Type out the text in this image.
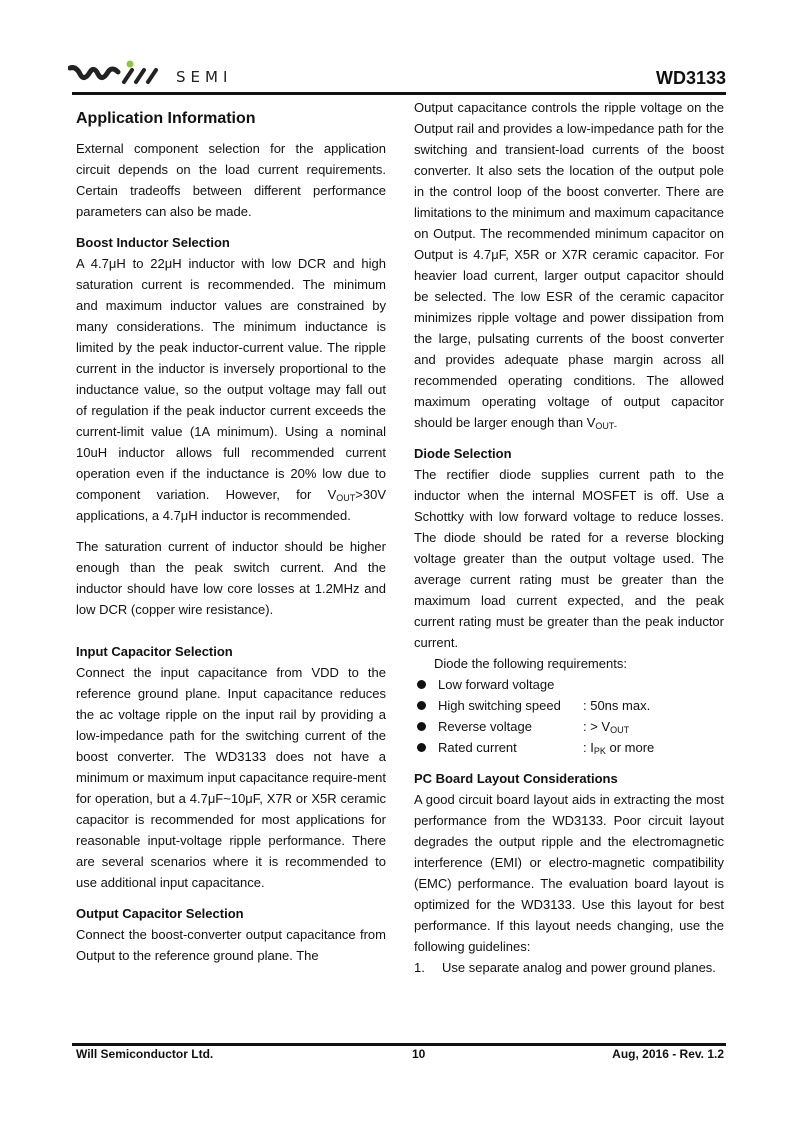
SEMI	WD3133
Application Information

External component selection for the application circuit depends on the load current requirements. Certain tradeoffs between different performance parameters can also be made.

Boost Inductor Selection

A 4.7μH to 22μH inductor with low DCR and high saturation current is recommended. The minimum and maximum inductor values are constrained by many considerations. The minimum inductance is limited by the peak inductor-current value. The ripple current in the inductor is inversely proportional to the inductance value, so the output voltage may fall out of regulation if the peak inductor current exceeds the current-limit value (1A minimum). Using a nominal 10uH inductor allows full recommended current operation even if the inductance is 20% low due to component variation. However, for $V_{OUT}>30V$ applications, a 4.7μH inductor is recommended.

The saturation current of inductor should be higher enough than the peak switch current. And the inductor should have low core losses at 1.2MHz and low DCR (copper wire resistance).

Input Capacitor Selection

Connect the input capacitance from VDD to the reference ground plane. Input capacitance reduces the ac voltage ripple on the input rail by providing a low-impedance path for the switching current of the boost converter. The WD3133 does not have a minimum or maximum input capacitance require-ment for operation, but a 4.7μF~10μF, X7R or X5R ceramic capacitor is recommended for most applications for reasonable input-voltage ripple performance. There are several scenarios where it is recommended to use additional input capacitance.

Output Capacitor Selection

Connect the boost-converter output capacitance from Output to the reference ground plane. The

Output capacitance controls the ripple voltage on the Output rail and provides a low-impedance path for the switching and transient-load currents of the boost converter. It also sets the location of the output pole in the control loop of the boost converter. There are limitations to the minimum and maximum capacitance on Output. The recommended minimum capacitor on Output is 4.7μF, X5R or X7R ceramic capacitor. For heavier load current, larger output capacitor should be selected. The low ESR of the ceramic capacitor minimizes ripple voltage and power dissipation from the large, pulsating currents of the boost converter and provides adequate phase margin across all recommended operating conditions. The allowed maximum operating voltage of output capacitor should be larger enough than $V_{OUT-}$

Diode Selection

The rectifier diode supplies current path to the inductor when the internal MOSFET is off. Use a Schottky with low forward voltage to reduce losses. The diode should be rated for a reverse blocking voltage greater than the output voltage used. The average current rating must be greater than the maximum load current expected, and the peak current rating must be greater than the peak inductor current.

Diode the following requirements:

Low forward voltage
High switching speed	: 50ns max.
Reverse voltage	: > $V_{OUT}$
Rated current	: $I_{PK}$ or more

PC Board Layout Considerations

A good circuit board layout aids in extracting the most performance from the WD3133. Poor circuit layout degrades the output ripple and the electromagnetic interference (EMI) or electro-magnetic compatibility (EMC) performance. The evaluation board layout is optimized for the WD3133. Use this layout for best performance. If this layout needs changing, use the following guidelines:

1.	Use separate analog and power ground planes.
Will Semiconductor Ltd.	10	Aug, 2016 - Rev. 1.2
